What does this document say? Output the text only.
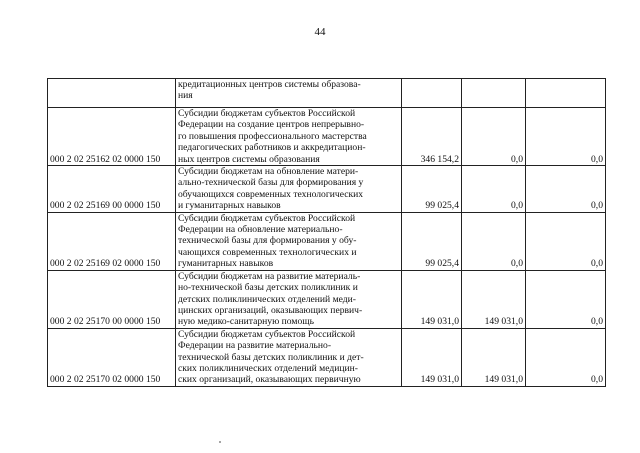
44

	кредитационных центров системы образова-
ния			

000 2 02 25162 02 0000 150	Субсидии бюджетам субъектов Российской
Федерации на создание центров непрерывно-
го повышения профессионального мастерства
педагогических работников и аккредитацион-
ных центров системы образования	346 154,2	0,0	0,0
000 2 02 25169 00 0000 150	Субсидии бюджетам на обновление матери-
ально-технической базы для формирования у
обучающихся современных технологических
и гуманитарных навыков	99 025,4	0,0	0,0
000 2 02 25169 02 0000 150	Субсидии бюджетам субъектов Российской
Федерации на обновление материально-
технической базы для формирования у обу-
чающихся современных технологических и
гуманитарных навыков	99 025,4	0,0	0,0
000 2 02 25170 00 0000 150	Субсидии бюджетам на развитие материаль-
но-технической базы детских поликлиник и
детских поликлинических отделений меди-
цинских организаций, оказывающих первич-
ную медико-санитарную помощь	149 031,0	149 031,0	0,0
000 2 02 25170 02 0000 150	Субсидии бюджетам субъектов Российской
Федерации на развитие материально-
технической базы детских поликлиник и дет-
ских поликлинических отделений медицин-
ских организаций, оказывающих первичную	149 031,0	149 031,0	0,0
